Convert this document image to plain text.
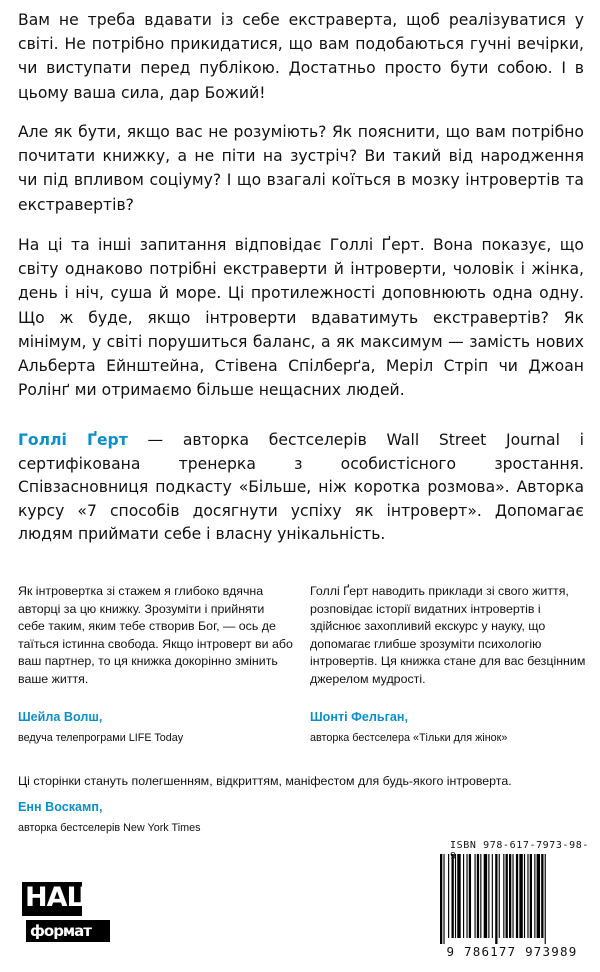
Вам не треба вдавати із себе екстраверта, щоб реалізуватися у світі. Не потрібно прикидатися, що вам подобаються гучні вечірки, чи виступати перед публікою. Достатньо просто бути собою. І в цьому ваша сила, дар Божий!

Але як бути, якщо вас не розуміють? Як пояснити, що вам потрібно почитати книжку, а не піти на зустріч? Ви такий від народження чи під впливом соціуму? І що взагалі коїться в мозку інтровертів та екстравертів?

На ці та інші запитання відповідає Голлі Ґерт. Вона показує, що світу однаково потрібні екстраверти й інтроверти, чоловік і жінка, день і ніч, суша й море. Ці протилежності доповнюють одна одну. Що ж буде, якщо інтроверти вдаватимуть екстравертів? Як мінімум, у світі порушиться баланс, а як максимум — замість нових Альберта Ейнштейна, Стівена Спілберґа, Меріл Стріп чи Джоан Ролінґ ми отримаємо більше нещасних людей.

Голлі Ґерт — авторка бестселерів Wall Street Journal і сертифікована тренерка з особистісного зростання. Співзасновниця подкасту «Більше, ніж коротка розмова». Авторка курсу «7 способів досягнути успіху як інтроверт». Допомагає людям приймати себе і власну унікальність.

Як інтровертка зі стажем я глибоко вдячна авторці за цю книжку. Зрозуміти і прийняти себе таким, яким тебе створив Бог, — ось де таїться істинна свобода. Якщо інтроверт ви або ваш партнер, то ця книжка докорінно змінить ваше життя.

Шейла Волш,
ведуча телепрограми LIFE Today

Голлі Ґерт наводить приклади зі свого життя, розповідає історії видатних інтровертів і здійснює захопливий екскурс у науку, що допомагає глибше зрозуміти психологію інтровертів. Ця книжка стане для вас безцінним джерелом мудрості.

Шонті Фельган,
авторка бестселера «Тільки для жінок»

Ці сторінки стануть полегшенням, відкриттям, маніфестом для будь-якого інтроверта.

Енн Воскамп,
авторка бестселерів New York Times
НАШ
формат
ISBN 978-617-7973-98-9
9 786177 973989
